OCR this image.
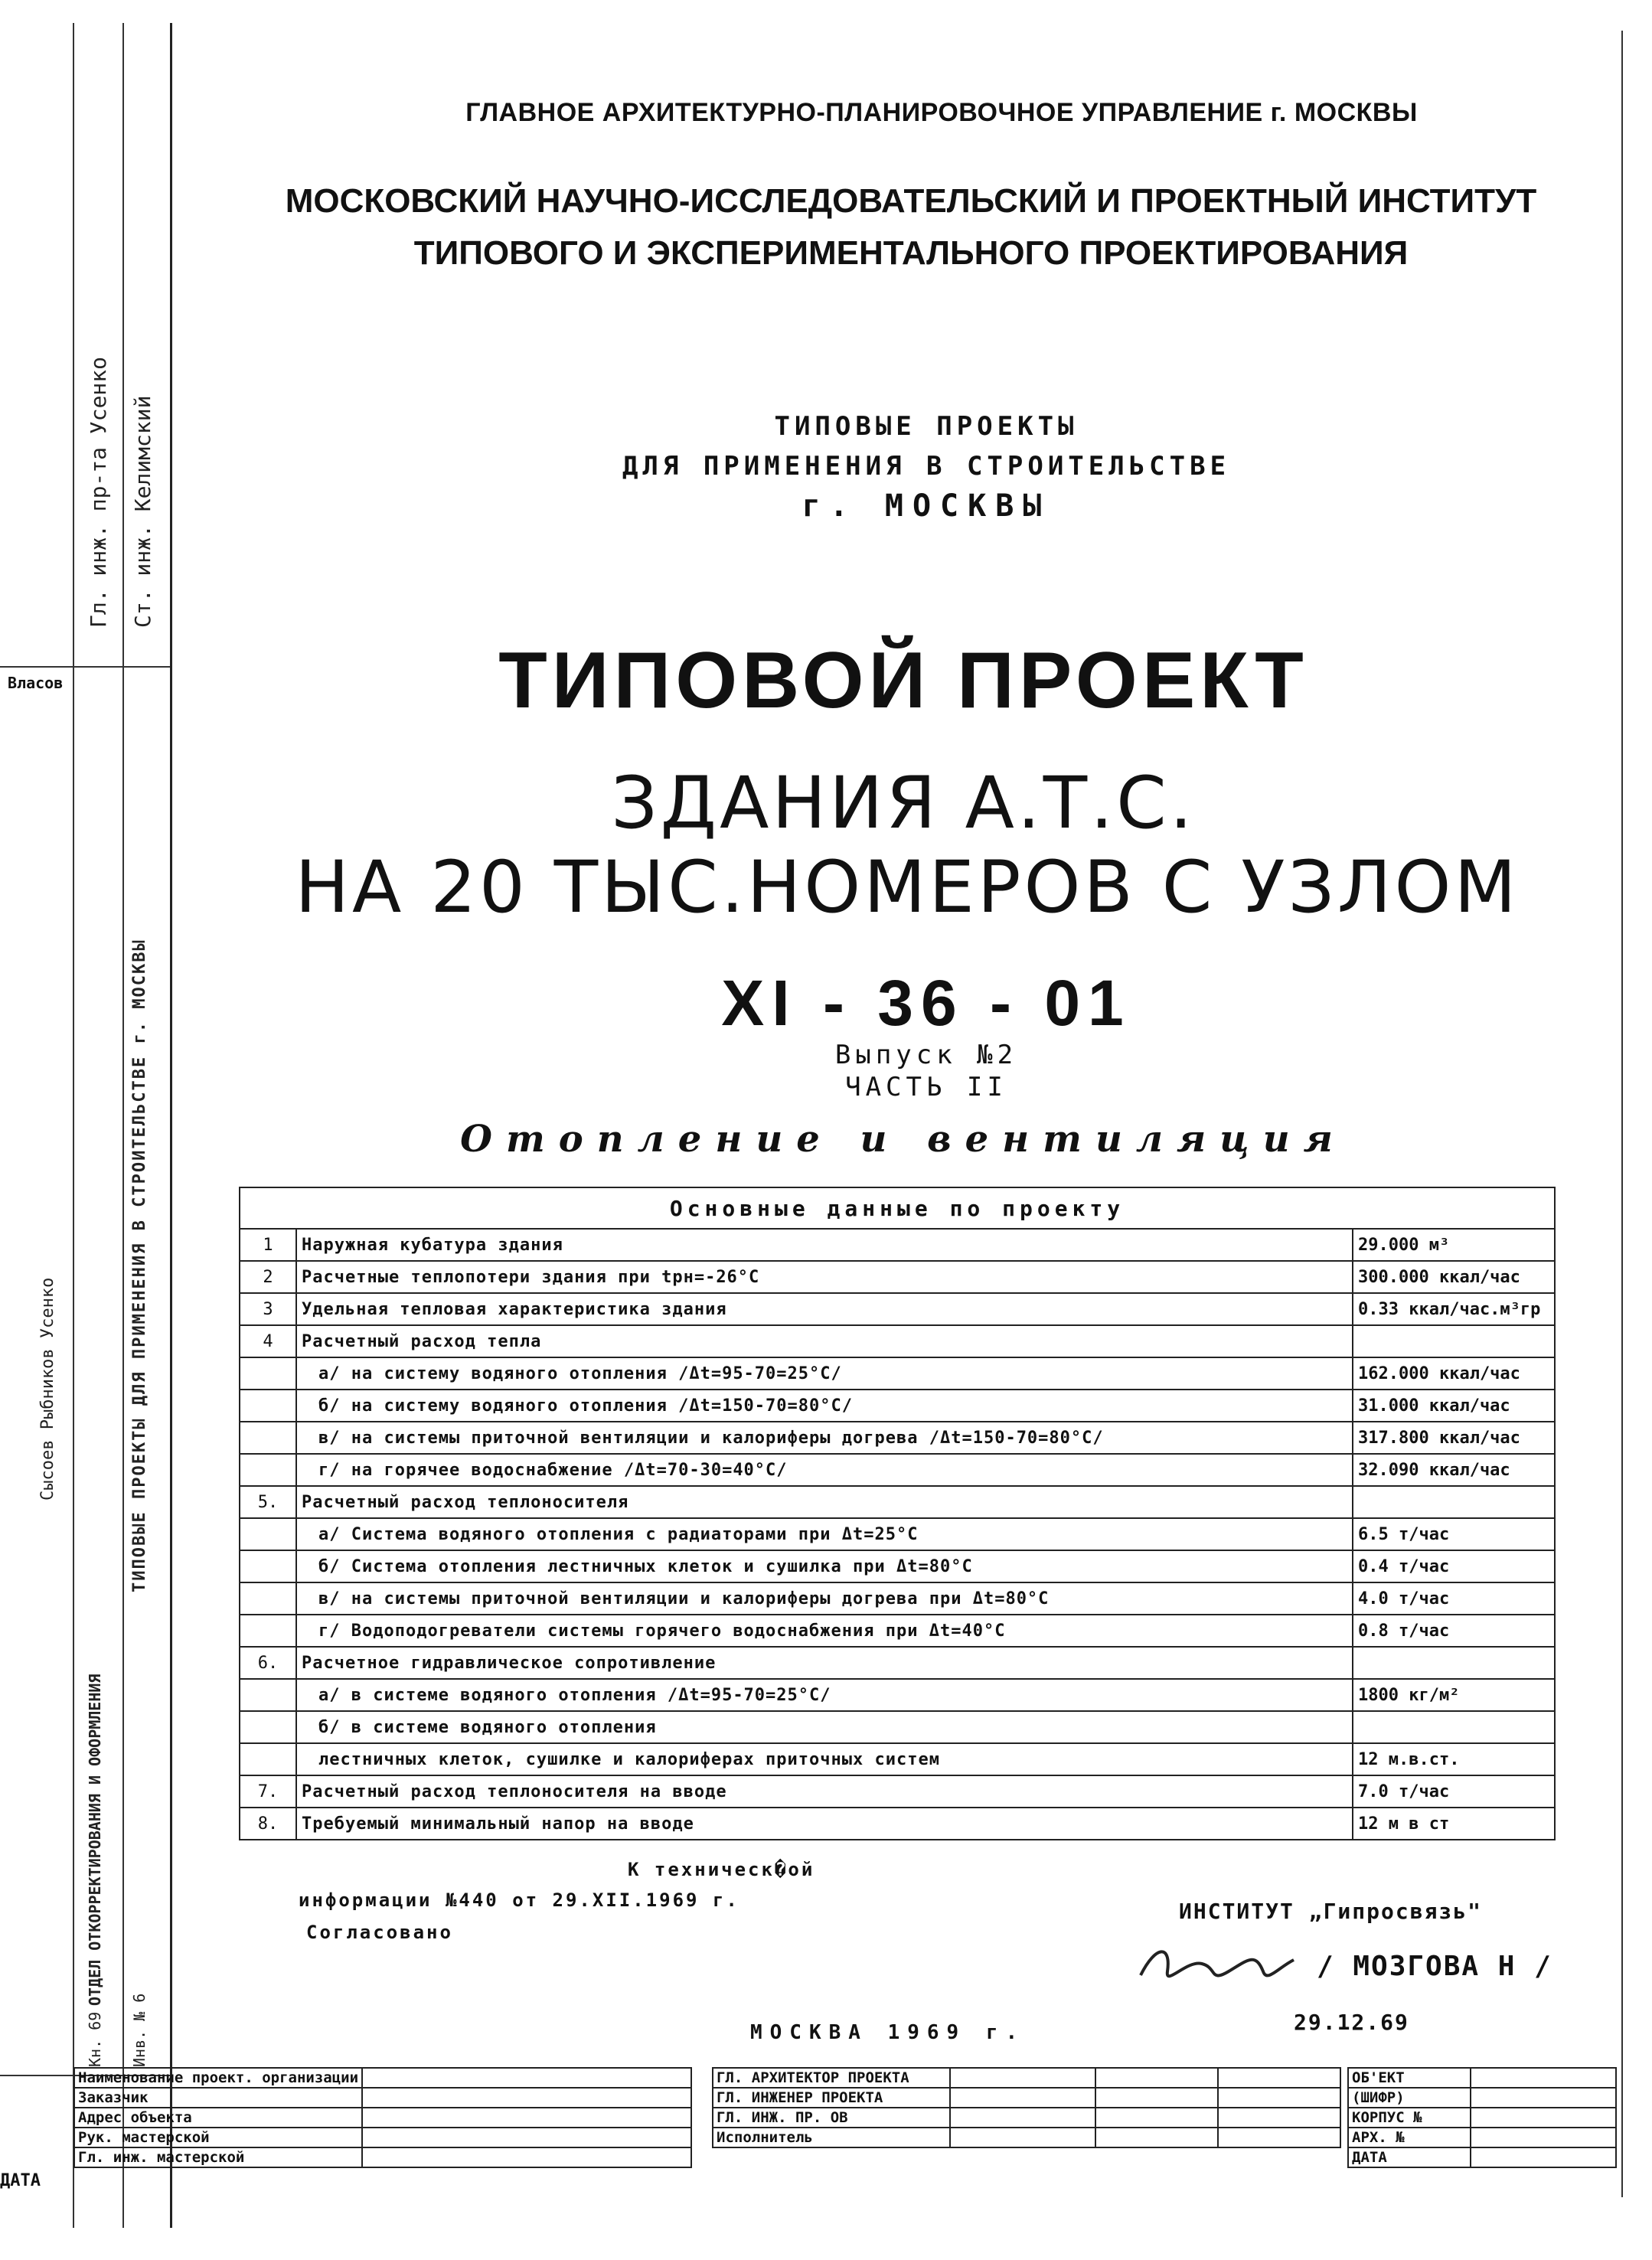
Гл. инж. пр-та Усенко Ст. инж. Келимский
ТИПОВЫЕ ПРОЕКТЫ ДЛЯ ПРИМЕНЕНИЯ В СТРОИТЕЛЬСТВЕ г. МОСКВЫ
ОТДЕЛ ОТКОРРЕКТИРОВАНИЯ И ОФОРМЛЕНИЯ
Сысоев Рыбников Усенко
Инв. № 6
Кн. 69
ДАТА
Власов
ГЛАВНОЕ АРХИТЕКТУРНО-ПЛАНИРОВОЧНОЕ УПРАВЛЕНИЕ г. МОСКВЫ
МОСКОВСКИЙ НАУЧНО-ИССЛЕДОВАТЕЛЬСКИЙ И ПРОЕКТНЫЙ ИНСТИТУТ
ТИПОВОГО И ЭКСПЕРИМЕНТАЛЬНОГО ПРОЕКТИРОВАНИЯ
ТИПОВЫЕ ПРОЕКТЫ
ДЛЯ ПРИМЕНЕНИЯ В СТРОИТЕЛЬСТВЕ
г. МОСКВЫ
ТИПОВОЙ ПРОЕКТ
ЗДАНИЯ А.Т.С.
НА 20 ТЫС.НОМЕРОВ С УЗЛОМ
XI - 36 - 01
Выпуск №2
ЧАСТЬ II
Отопление и вентиляция
Основные данные по проекту		
1	Наружная кубатура здания	29.000 м³
2	Расчетные теплопотери здания при tрн=-26°С	300.000 ккал/час
3	Удельная тепловая характеристика здания	0.33 ккал/час.м³гр
4	Расчетный расход тепла	
	а/ на систему водяного отопления /Δt=95-70=25°С/	162.000 ккал/час
	б/ на систему водяного отопления /Δt=150-70=80°С/	31.000 ккал/час
	в/ на системы приточной вентиляции и калориферы догрева /Δt=150-70=80°С/	317.800 ккал/час
	г/ на горячее водоснабжение /Δt=70-30=40°С/	32.090 ккал/час
5.	Расчетный расход теплоносителя	
	а/ Система водяного отопления с радиаторами при Δt=25°С	6.5 т/час
	б/ Система отопления лестничных клеток и сушилка при Δt=80°С	0.4 т/час
	в/ на системы приточной вентиляции и калориферы догрева при Δt=80°С	4.0 т/час
	г/ Водоподогреватели системы горячего водоснабжения при Δt=40°С	0.8 т/час
6.	Расчетное гидравлическое сопротивление	
	а/ в системе водяного отопления /Δt=95-70=25°С/	1800 кг/м²
	б/ в системе водяного отопления	
	лестничных клеток, сушилке и калориферах приточных систем	12 м.в.ст.
7.	Расчетный расход теплоносителя на вводе	7.0 т/час
8.	Требуемый минимальный напор на вводе	12 м в ст
К техническ�ой
информации №440 от 29.XII.1969 г.
Согласовано
ИНСТИТУТ „Гипросвязь"
/ МОЗГОВА Н /
29.12.69
МОСКВА 1969 г.
Наименование проект. организации	
Заказчик	
Адрес объекта	
Рук. мастерской	
Гл. инж. мастерской	
ГЛ. АРХИТЕКТОР ПРОЕКТА			
ГЛ. ИНЖЕНЕР ПРОЕКТА			
ГЛ. ИНЖ. ПР. ОВ			
Исполнитель			
ОБ'ЕКТ	
(ШИФР)	
КОРПУС №	
АРХ. №	
ДАТА	
